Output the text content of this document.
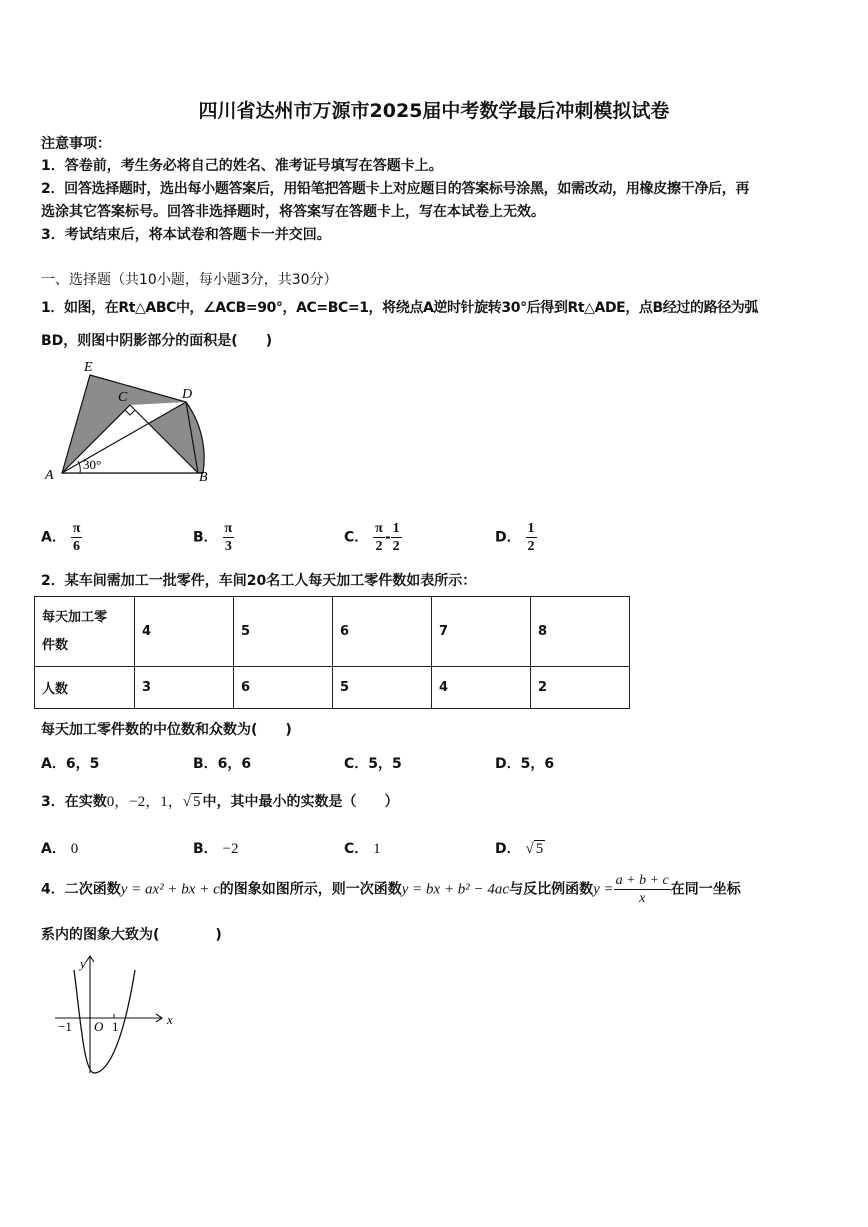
四川省达州市万源市2025届中考数学最后冲刺模拟试卷
注意事项：
1．答卷前，考生务必将自己的姓名、准考证号填写在答题卡上。
2．回答选择题时，选出每小题答案后，用铅笔把答题卡上对应题目的答案标号涂黑，如需改动，用橡皮擦干净后，再
选涂其它答案标号。回答非选择题时，将答案写在答题卡上，写在本试卷上无效。
3．考试结束后，将本试卷和答题卡一并交回。
一、选择题（共10小题，每小题3分，共30分）
1．如图，在Rt△ABC中，∠ACB=90°，AC=BC=1，将绕点A逆时针旋转30°后得到Rt△ADE，点B经过的路径为弧
BD，则图中阴影部分的面积是(　　)
E
C	D
A	B
30°
A． $\frac{\pi}{6}$	B． $\frac{\pi}{3}$	C． $\frac{\pi}{2} - \frac{1}{2}$	D． $\frac{1}{2}$
2．某车间需加工一批零件，车间20名工人每天加工零件数如表所示：
每天加工零
件数	4	5	6	7	8
人数	3	6	5	4	2
每天加工零件数的中位数和众数为(　　)
A．6，5	B．6，6	C．5，5	D．5，6
3．在实数0，−2，1，√ 5 中，其中最小的实数是（　　）
A． 0	B． −2	C． 1	D． √ 5
4．二次函数y = ax² + bx + c的图象如图所示，则一次函数y = bx + b² − 4ac与反比例函数$y = \frac{a + b + c}{x}$ 在同一坐标
系内的图象大致为(　　　　)
y
x
−1 O 1
